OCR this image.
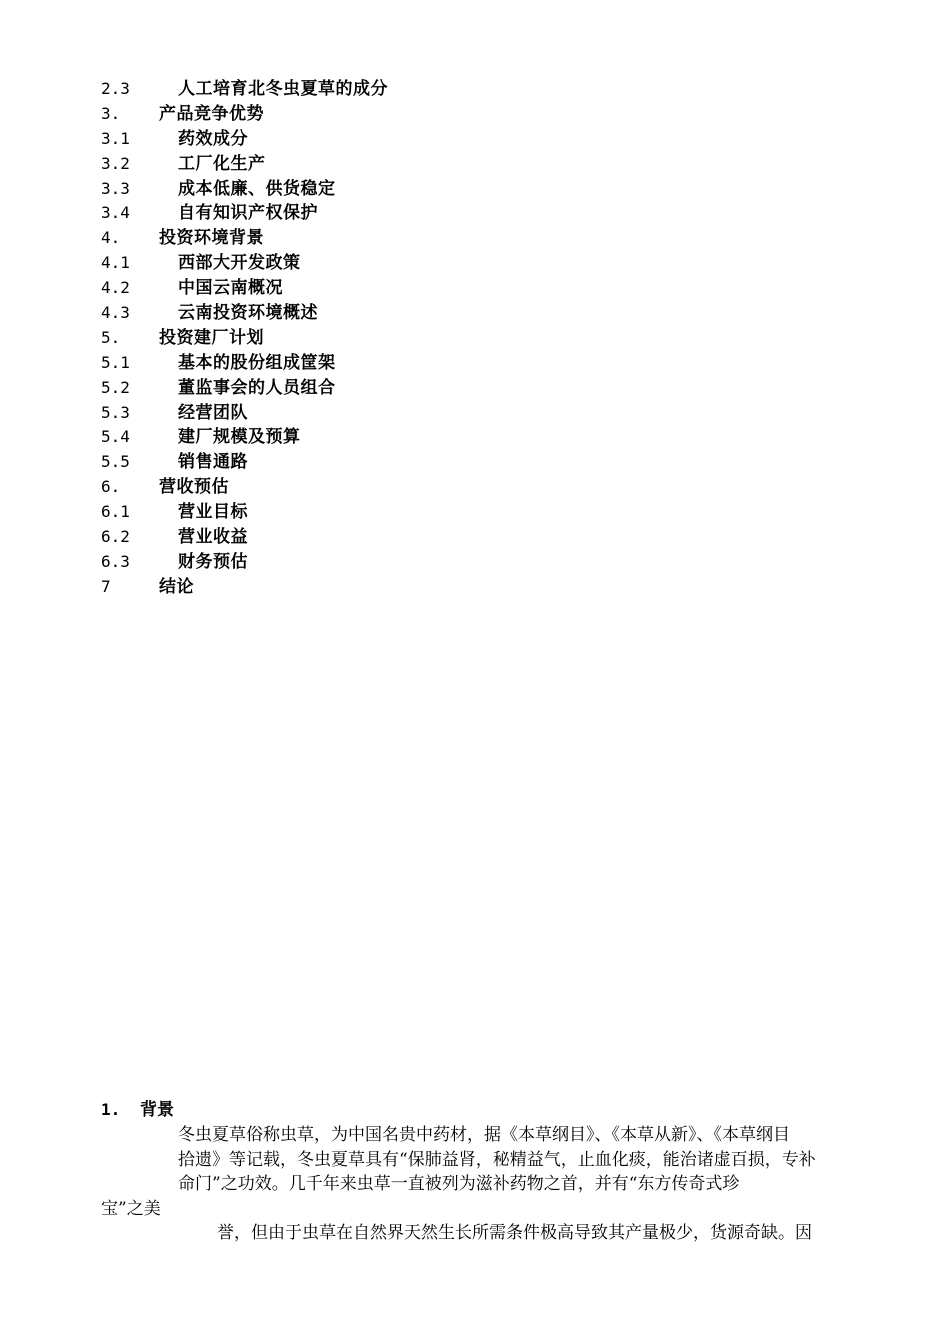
2.3	人工培育北冬虫夏草的成分
3. 产品竞争优势
3.1	药效成分
3.2	工厂化生产
3.3	成本低廉、供货稳定
3.4	自有知识产权保护
4. 投资环境背景
4.1	西部大开发政策
4.2	中国云南概况
4.3	云南投资环境概述
5. 投资建厂计划
5.1	基本的股份组成筐架
5.2	董监事会的人员组合
5.3	经营团队
5.4	建厂规模及预算
5.5	销售通路
6. 营收预估
6.1	营业目标
6.2	营业收益
6.3	财务预估
7	结论
1. 背景
冬虫夏草俗称虫草，为中国名贵中药材，据《本草纲目》、《本草从新》、《本草纲目
拾遗》等记载，冬虫夏草具有“保肺益肾，秘精益气，止血化痰，能治诸虚百损，专补
命门”之功效。几千年来虫草一直被列为滋补药物之首，并有“东方传奇式珍
宝”之美
誉，但由于虫草在自然界天然生长所需条件极高导致其产量极少，货源奇缺。因
